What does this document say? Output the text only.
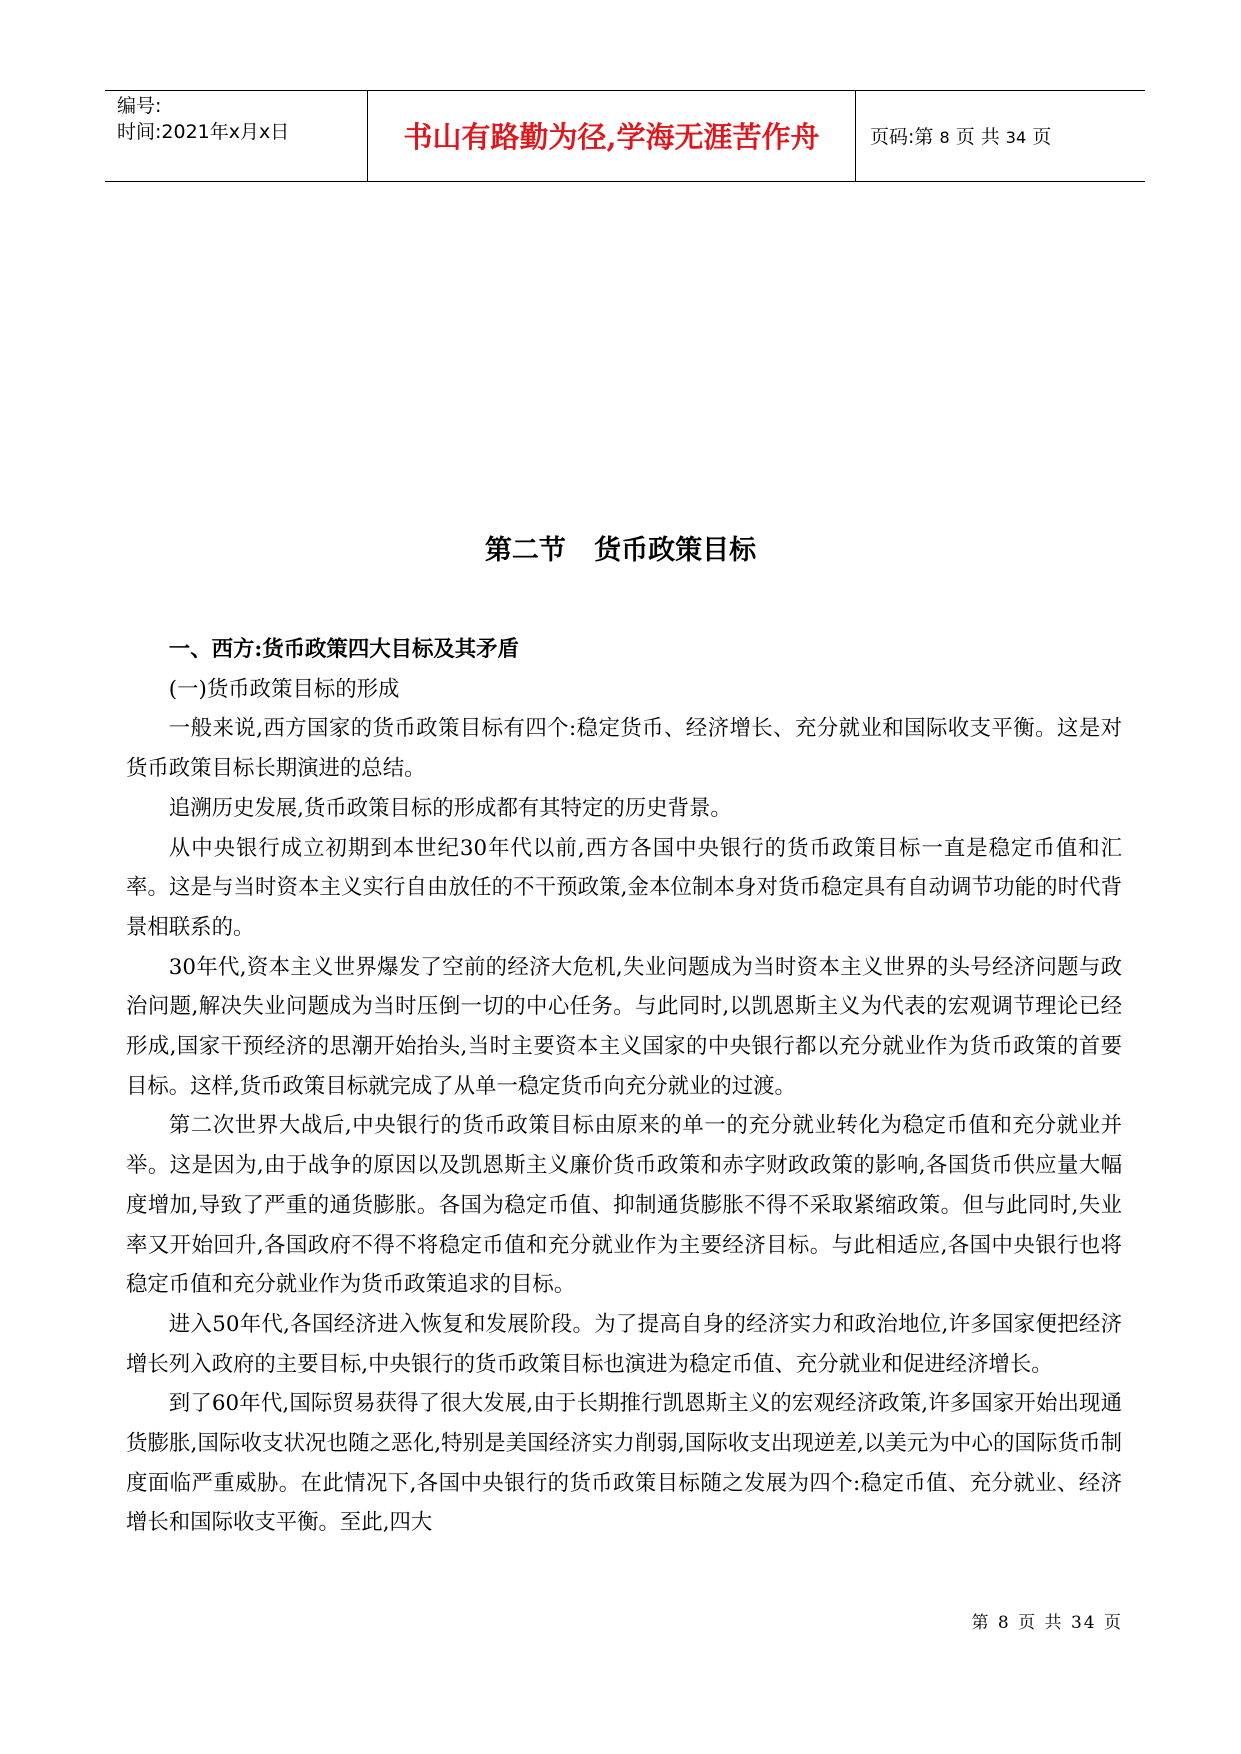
编号:
时间:2021年x月x日	书山有路勤为径,学海无涯苦作舟	页码:第 8 页 共 34 页
第二节   货币政策目标

一、西方:货币政策四大目标及其矛盾

(一)货币政策目标的形成

一般来说,西方国家的货币政策目标有四个:稳定货币、经济增长、充分就业和国际收支平衡。这是对货币政策目标长期演进的总结。

追溯历史发展,货币政策目标的形成都有其特定的历史背景。

从中央银行成立初期到本世纪30年代以前,西方各国中央银行的货币政策目标一直是稳定币值和汇率。这是与当时资本主义实行自由放任的不干预政策,金本位制本身对货币稳定具有自动调节功能的时代背景相联系的。

30年代,资本主义世界爆发了空前的经济大危机,失业问题成为当时资本主义世界的头号经济问题与政治问题,解决失业问题成为当时压倒一切的中心任务。与此同时,以凯恩斯主义为代表的宏观调节理论已经形成,国家干预经济的思潮开始抬头,当时主要资本主义国家的中央银行都以充分就业作为货币政策的首要目标。这样,货币政策目标就完成了从单一稳定货币向充分就业的过渡。

第二次世界大战后,中央银行的货币政策目标由原来的单一的充分就业转化为稳定币值和充分就业并举。这是因为,由于战争的原因以及凯恩斯主义廉价货币政策和赤字财政政策的影响,各国货币供应量大幅度增加,导致了严重的通货膨胀。各国为稳定币值、抑制通货膨胀不得不采取紧缩政策。但与此同时,失业率又开始回升,各国政府不得不将稳定币值和充分就业作为主要经济目标。与此相适应,各国中央银行也将稳定币值和充分就业作为货币政策追求的目标。

进入50年代,各国经济进入恢复和发展阶段。为了提高自身的经济实力和政治地位,许多国家便把经济增长列入政府的主要目标,中央银行的货币政策目标也演进为稳定币值、充分就业和促进经济增长。

到了60年代,国际贸易获得了很大发展,由于长期推行凯恩斯主义的宏观经济政策,许多国家开始出现通货膨胀,国际收支状况也随之恶化,特别是美国经济实力削弱,国际收支出现逆差,以美元为中心的国际货币制度面临严重威胁。在此情况下,各国中央银行的货币政策目标随之发展为四个:稳定币值、充分就业、经济增长和国际收支平衡。至此,四大

第 8 页 共 34 页
